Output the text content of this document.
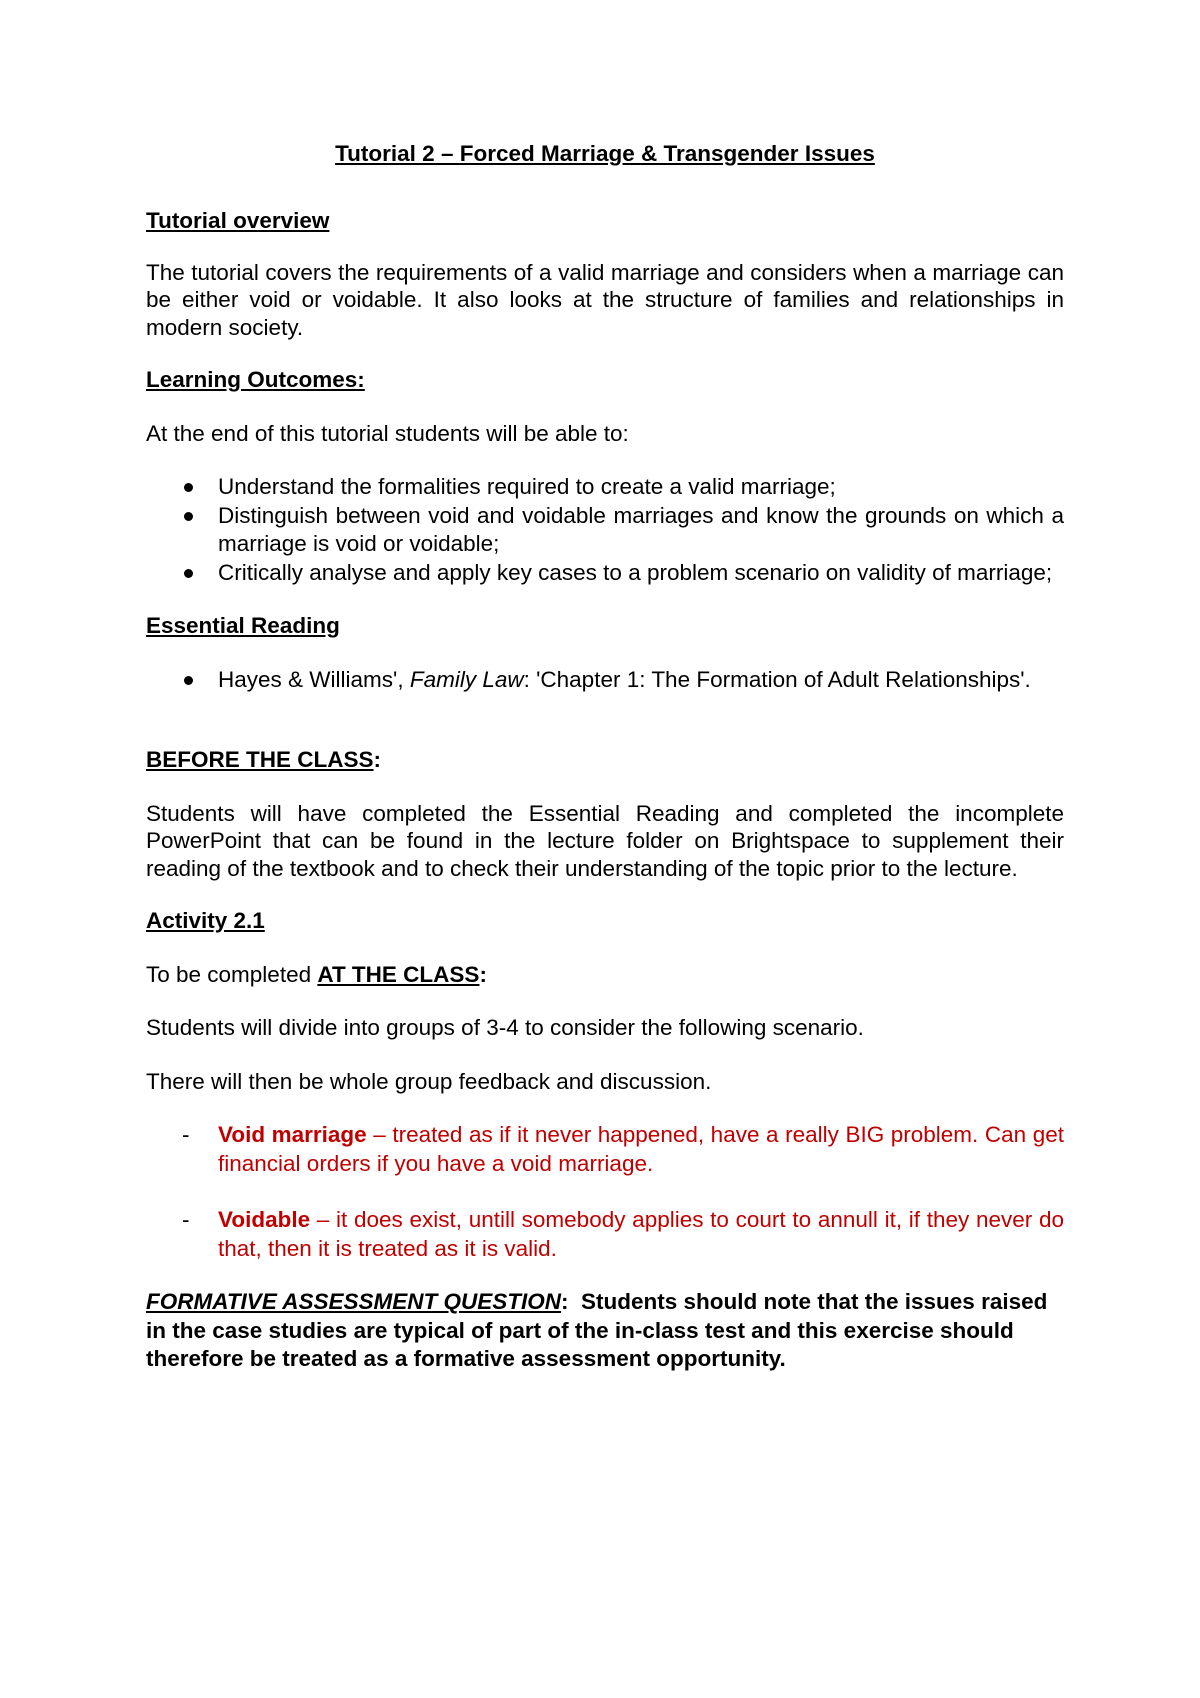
Tutorial 2 – Forced Marriage & Transgender Issues

Tutorial overview

The tutorial covers the requirements of a valid marriage and considers when a marriage can be either void or voidable. It also looks at the structure of families and relationships in modern society.

Learning Outcomes:

At the end of this tutorial students will be able to:

Understand the formalities required to create a valid marriage;
Distinguish between void and voidable marriages and know the grounds on which a marriage is void or voidable;
Critically analyse and apply key cases to a problem scenario on validity of marriage;

Essential Reading

Hayes & Williams', Family Law: 'Chapter 1: The Formation of Adult Relationships'.

BEFORE THE CLASS:

Students will have completed the Essential Reading and completed the incomplete PowerPoint that can be found in the lecture folder on Brightspace to supplement their reading of the textbook and to check their understanding of the topic prior to the lecture.

Activity 2.1

To be completed AT THE CLASS:

Students will divide into groups of 3-4 to consider the following scenario.

There will then be whole group feedback and discussion.

- Void marriage – treated as if it never happened, have a really BIG problem. Can get financial orders if you have a void marriage.
- Voidable – it does exist, untill somebody applies to court to annull it, if they never do that, then it is treated as it is valid.

FORMATIVE ASSESSMENT QUESTION:  Students should note that the issues raised in the case studies are typical of part of the in-class test and this exercise should therefore be treated as a formative assessment opportunity.
